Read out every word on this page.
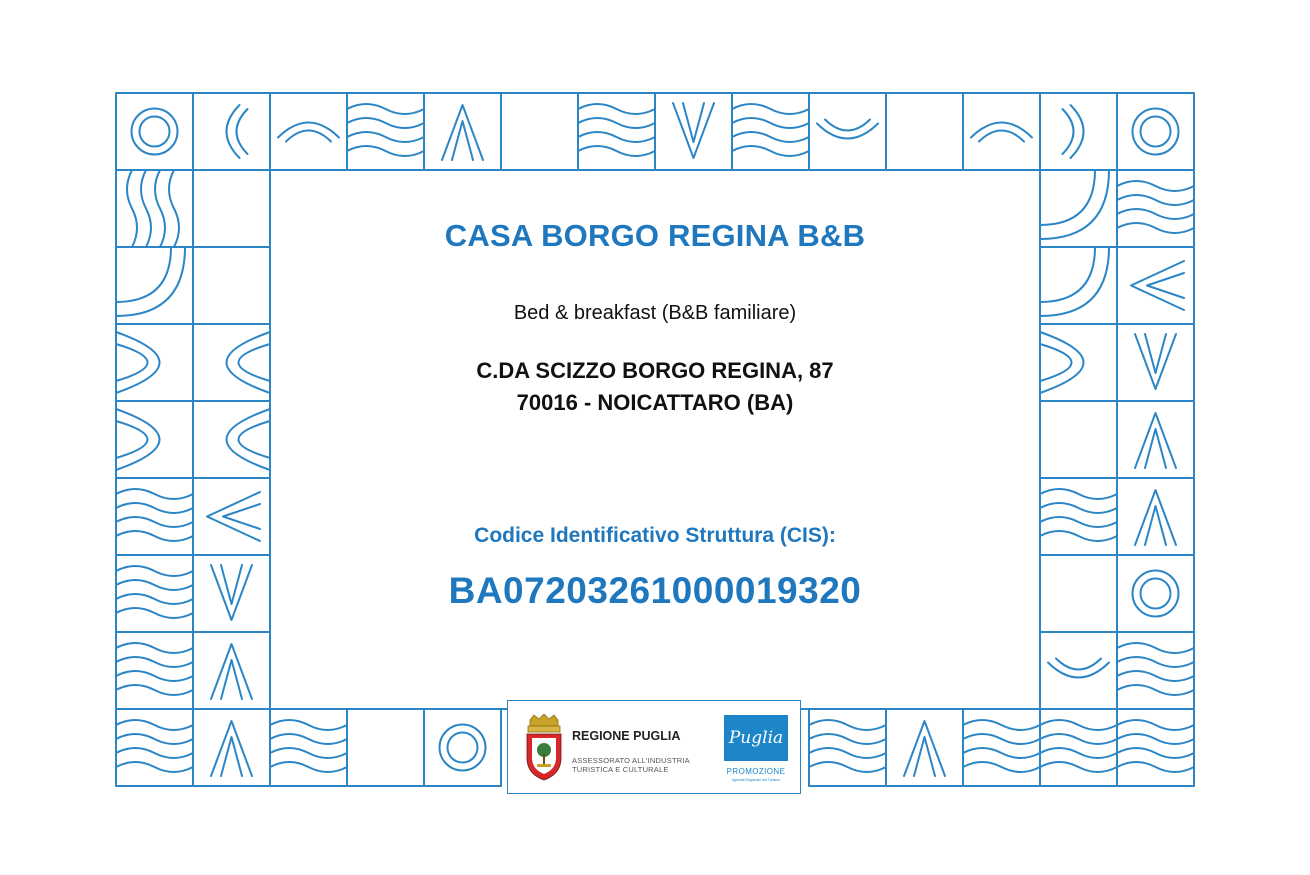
CASA BORGO REGINA B&B
Bed & breakfast (B&B familiare)
C.DA SCIZZO BORGO REGINA, 87
70016 - NOICATTARO (BA)
Codice Identificativo Struttura (CIS):
BA07203261000019320
REGIONE PUGLIA
ASSESSORATO ALL'INDUSTRIA
TURISTICA E CULTURALE
Puglia
PROMOZIONE
Agenzia Regionale del Turismo
